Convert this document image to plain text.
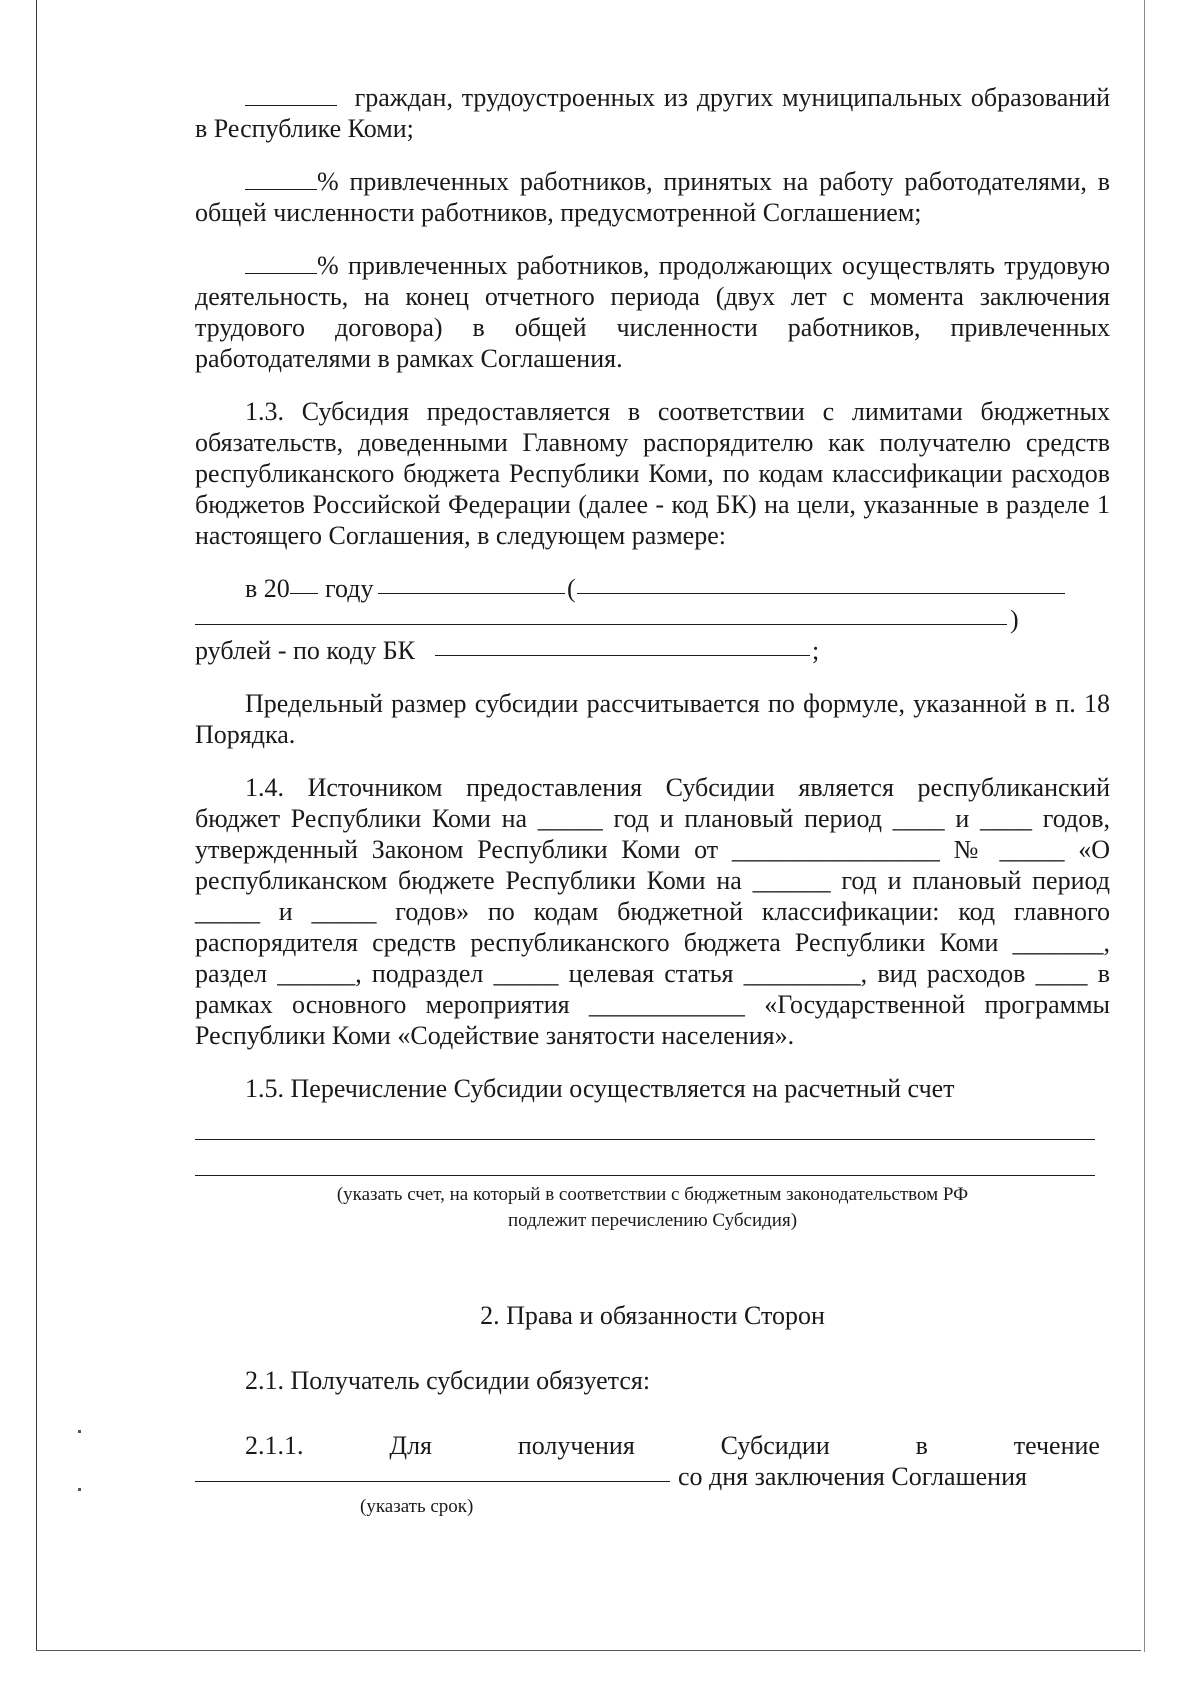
граждан, трудоустроенных из других муниципальных образований в Республике Коми;

% привлеченных работников, принятых на работу работодателями, в общей численности работников, предусмотренной Соглашением;

% привлеченных работников, продолжающих осуществлять трудовую деятельность, на конец отчетного периода (двух лет с момента заключения трудового договора) в общей численности работников, привлеченных работодателями в рамках Соглашения.

1.3. Субсидия предоставляется в соответствии с лимитами бюджетных обязательств, доведенными Главному распорядителю как получателю средств республиканского бюджета Республики Коми, по кодам классификации расходов бюджетов Российской Федерации (далее - код БК) на цели, указанные в разделе 1 настоящего Соглашения, в следующем размере:

в 20 году	(
)
рублей - по коду БК	;

Предельный размер субсидии рассчитывается по формуле, указанной в п. 18 Порядка.

1.4. Источником предоставления Субсидии является республиканский бюджет Республики Коми на _____ год и плановый период ____ и ____ годов, утвержденный Законом Республики Коми от ________________ № _____ «О республиканском бюджете Республики Коми на ______ год и плановый период _____ и _____ годов» по кодам бюджетной классификации: код главного распорядителя средств республиканского бюджета Республики Коми _______, раздел ______, подраздел _____ целевая статья _________, вид расходов ____ в рамках основного мероприятия ____________ «Государственной программы Республики Коми «Содействие занятости населения».

1.5. Перечисление Субсидии осуществляется на расчетный счет

(указать счет, на который в соответствии с бюджетным законодательством РФ
подлежит перечислению Субсидия)
2. Права и обязанности Сторон

2.1. Получатель субсидии обязуется:

2.1.1.	Для	получения	Субсидии	в	течение
со дня заключения Соглашения
(указать срок)
